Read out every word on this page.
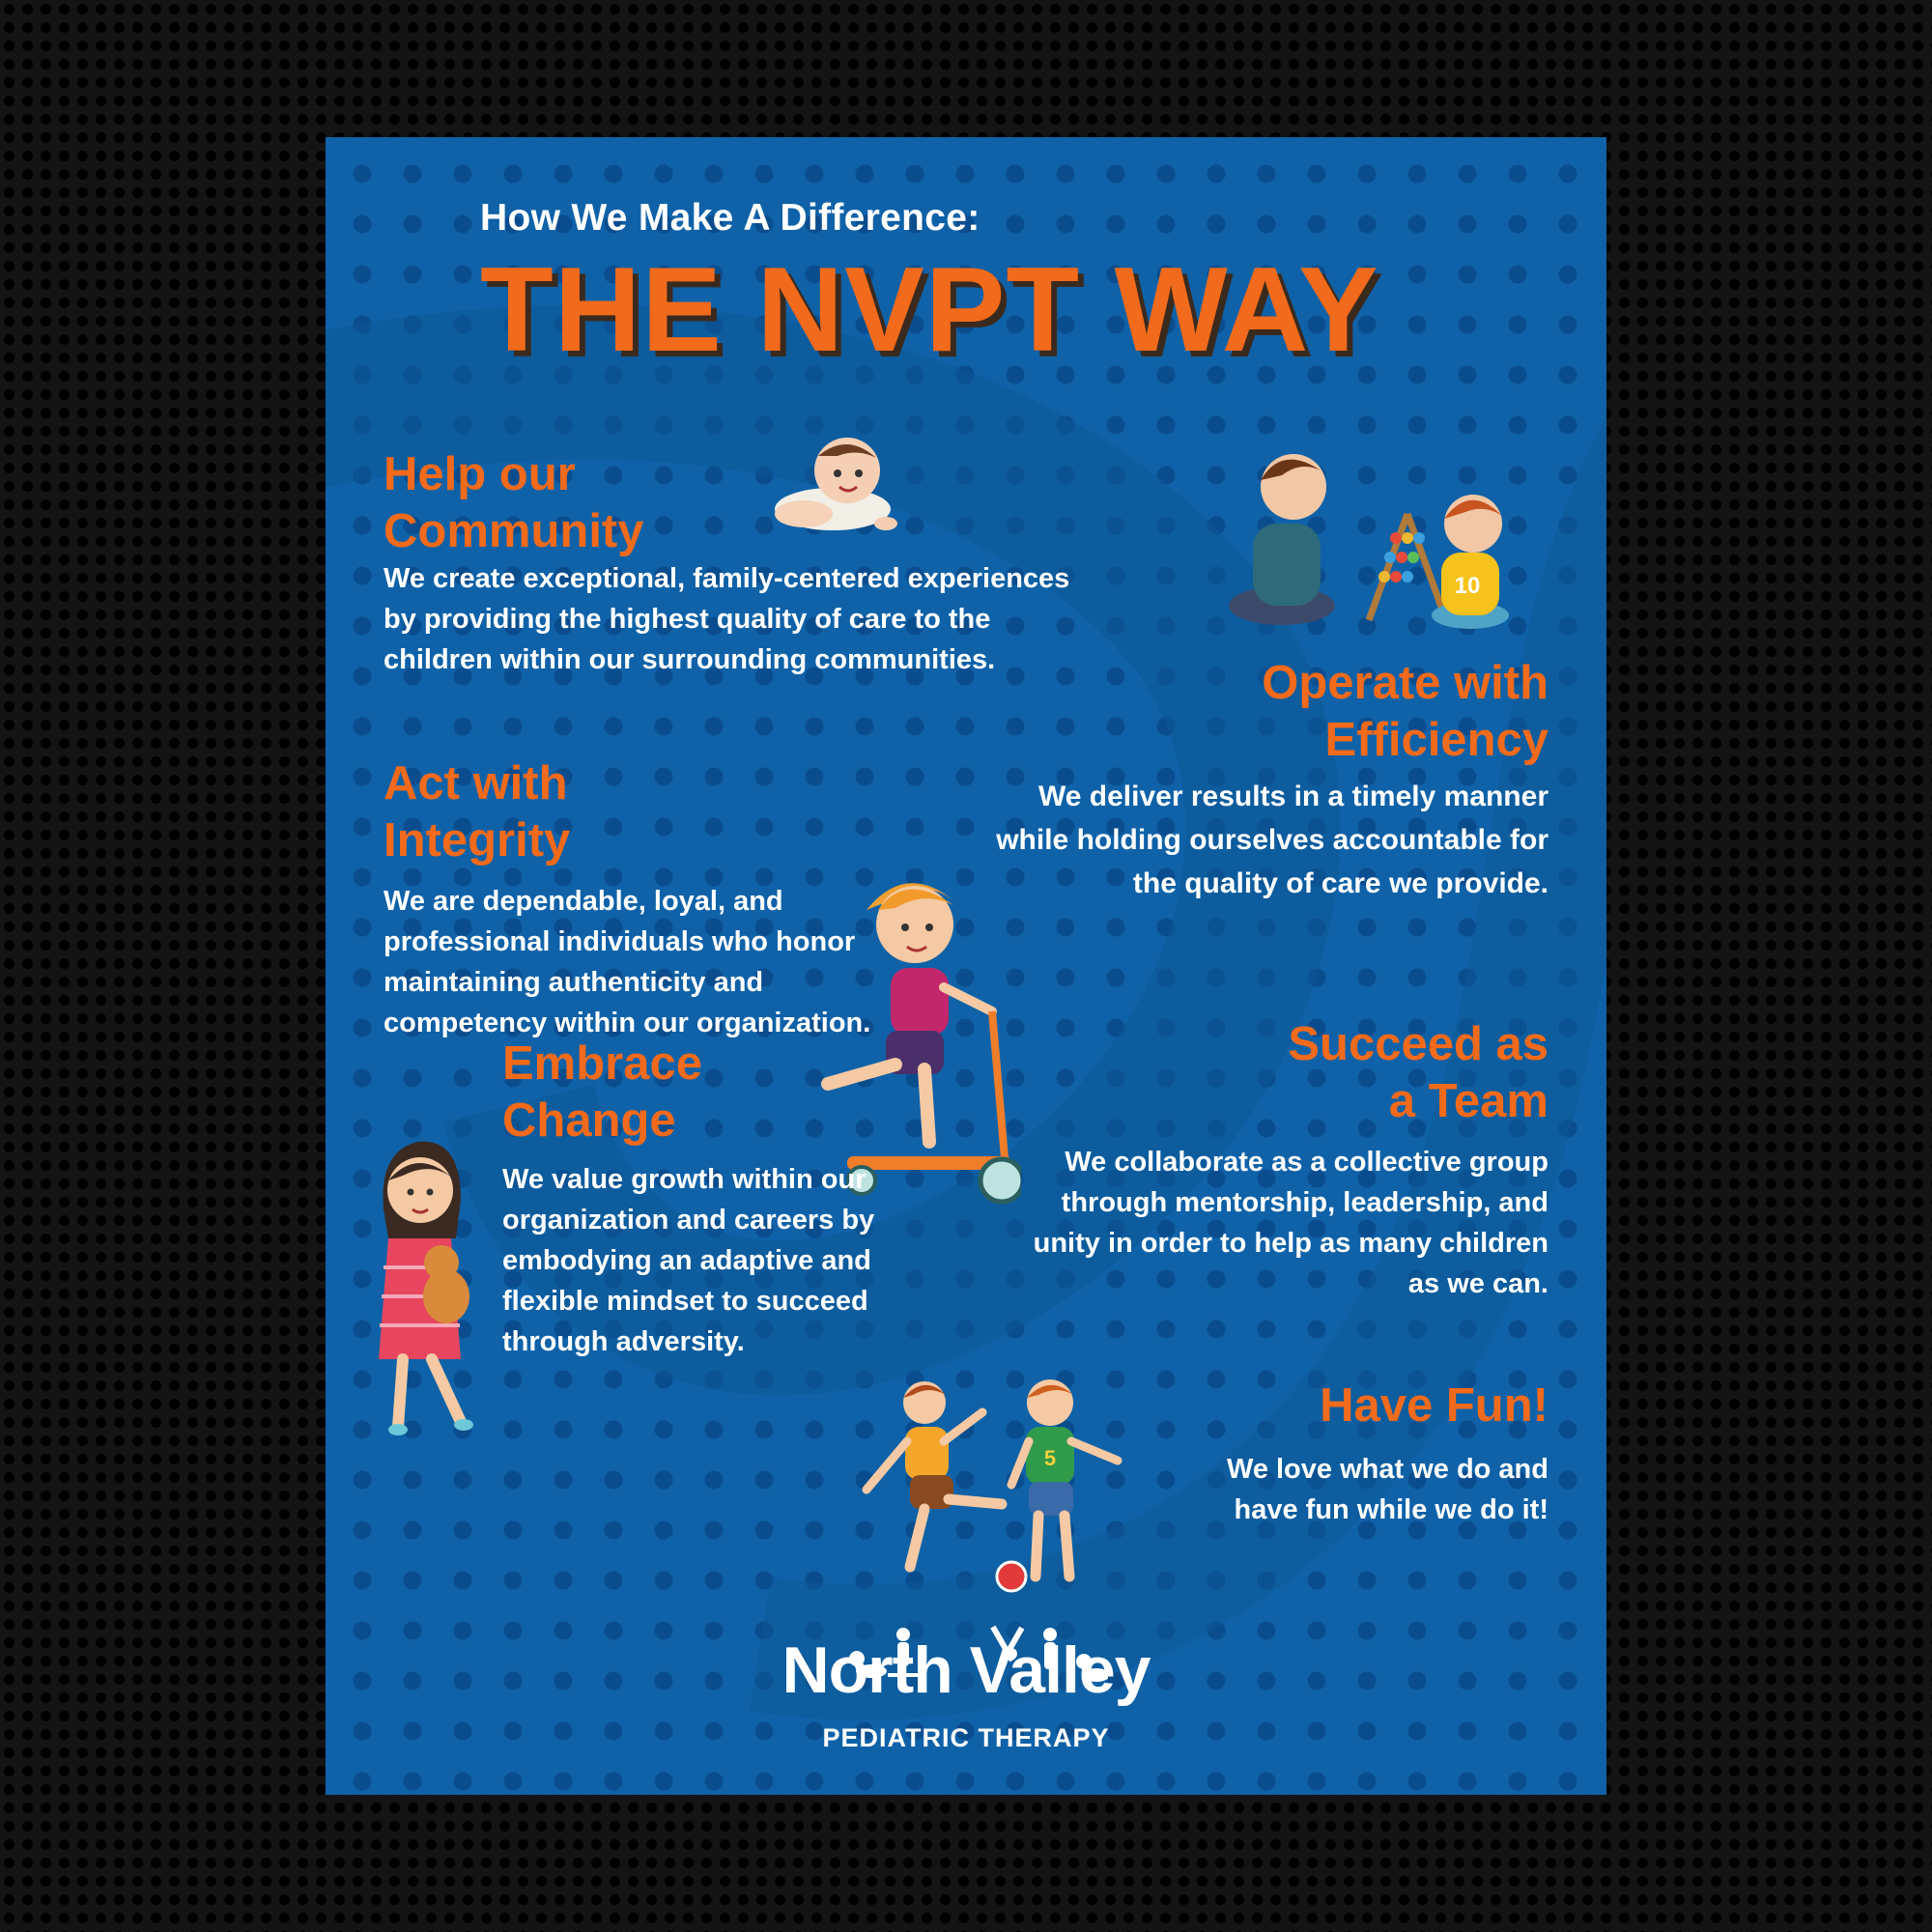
How We Make A Difference:
THE NVPT WAY
Help our
Community
We create exceptional, family-centered experiences by providing the highest quality of care to the children within our surrounding communities.
10
Operate with
Efficiency
We deliver results in a timely manner while holding ourselves accountable for the quality of care we provide.
Act with
Integrity
We are dependable, loyal, and professional individuals who honor maintaining authenticity and competency within our organization.	Succeed as
a Team
We collaborate as a collective group through mentorship, leadership, and unity in order to help as many children as we can.
Embrace
Change
We value growth within our organization and careers by embodying an adaptive and flexible mindset to succeed through adversity.
Have Fun!
We love what we do and have fun while we do it!
5
North Valley
PEDIATRIC THERAPY
